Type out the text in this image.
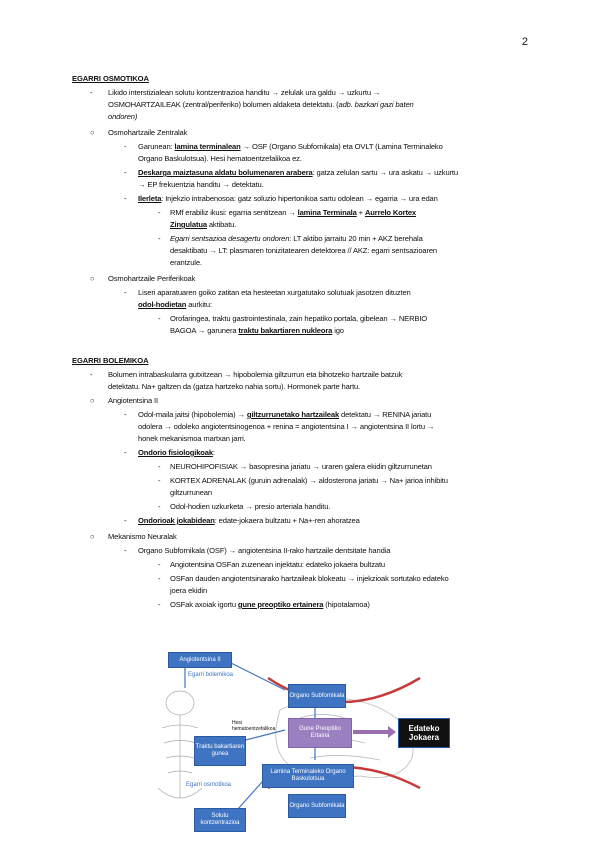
2
EGARRI OSMOTIKOA
- Likido interstizialean solutu kontzentrazioa handitu → zelulak ura galdu → uzkurtu →
OSMOHARTZAILEAK (zentral/periferiko) bolumen aldaketa detektatu. (adb. bazkari gazi baten
ondoren)
○ Osmohartzaile Zentralak
- Garunean: lamina terminalean → OSF (Organo Subfornikala) eta OVLT (Lamina Terminaleko
Organo Baskulotsua). Hesi hematoentzefalikoa ez.
- Deskarga maiztasuna aldatu bolumenaren arabera: gatza zelulan sartu → ura askatu → uzkurtu
→ EP frekuentzia handitu → detektatu.
- Ilerleta: Injekzio intrabenosoa: gatz soluzio hipertonikoa sartu odolean → egarria → ura edan
- RMf erabiliz ikusi: egarria sentitzean → lamina Terminala + Aurrelo Kortex
Zingulatua aktibatu.
- Egarri sentsazioa desagertu ondoren: LT aktibo jarraitu 20 min + AKZ berehala
desaktibatu → LT: plasmaren tonizitatearen detektorea // AKZ: egarri sentsazioaren
erantzule.
○ Osmohartzaile Periferikoak
- Liseri aparatuaren goiko zatitan eta hesteetan xurgatutako solutuak jasotzen dituzten
odol-hodietan aurkitu:
- Orofaringea, traktu gastrointestinala, zain hepatiko portala, gibelean → NERBIO
BAGOA → garunera traktu bakartiaren nukleora igo
EGARRI BOLEMIKOA
- Bolumen intrabaskularra gutxitzean → hipobolemia giltzurrun eta bihotzeko hartzaile batzuk
detektatu. Na+ galtzen da (gatza hartzeko nahia sortu). Hormonek parte hartu.
○ Angiotentsina II
- Odol-maila jaitsi (hipobolemia) → giltzurrunetako hartzaileak detektatu → RENINA jariatu
odolera → odoleko angiotentsinogenoa + renina = angiotentsina I → angiotentsina II lortu →
honek mekanismoa martxan jarri.
- Ondorio fisiologikoak:
- NEUROHIPOFISIAK → basopresina jariatu → uraren galera ekidin giltzurrunetan
- KORTEX ADRENALAK (guruin adrenalak) → aldosterona jariatu → Na+ jarioa inhibitu
giltzurrunean
- Odol-hodien uzkurketa → presio arteriala handitu.
- Ondorioak jokabidean: edate-jokaera bultzatu + Na+-ren ahoratzea
○ Mekanismo Neuralak
- Organo Subfornikala (OSF) → angiotentsina II-rako hartzaile dentsitate handia
- Angiotentsina OSFan zuzenean injektatu: edateko jokaera bultzatu
- OSFan dauden angiotentsinarako hartzaileak blokeatu → injekzioak sortutako edateko
joera ekidin
- OSFak axoiak igortu gune preoptiko ertainera (hipotalamoa)
Angiotentsina II
Egarri bolemikoa
Organo Subfornikala
Gune Preoptiko Ertaina
Edateko Jokaera
Hesi hematoentzefalikoa
Traktu bakartiaren gunea
Lamina Terminaleko Organo Baskulotsua
Egarri osmotikoa
Organo Subfornikala
Solutu kontzentrazioa
